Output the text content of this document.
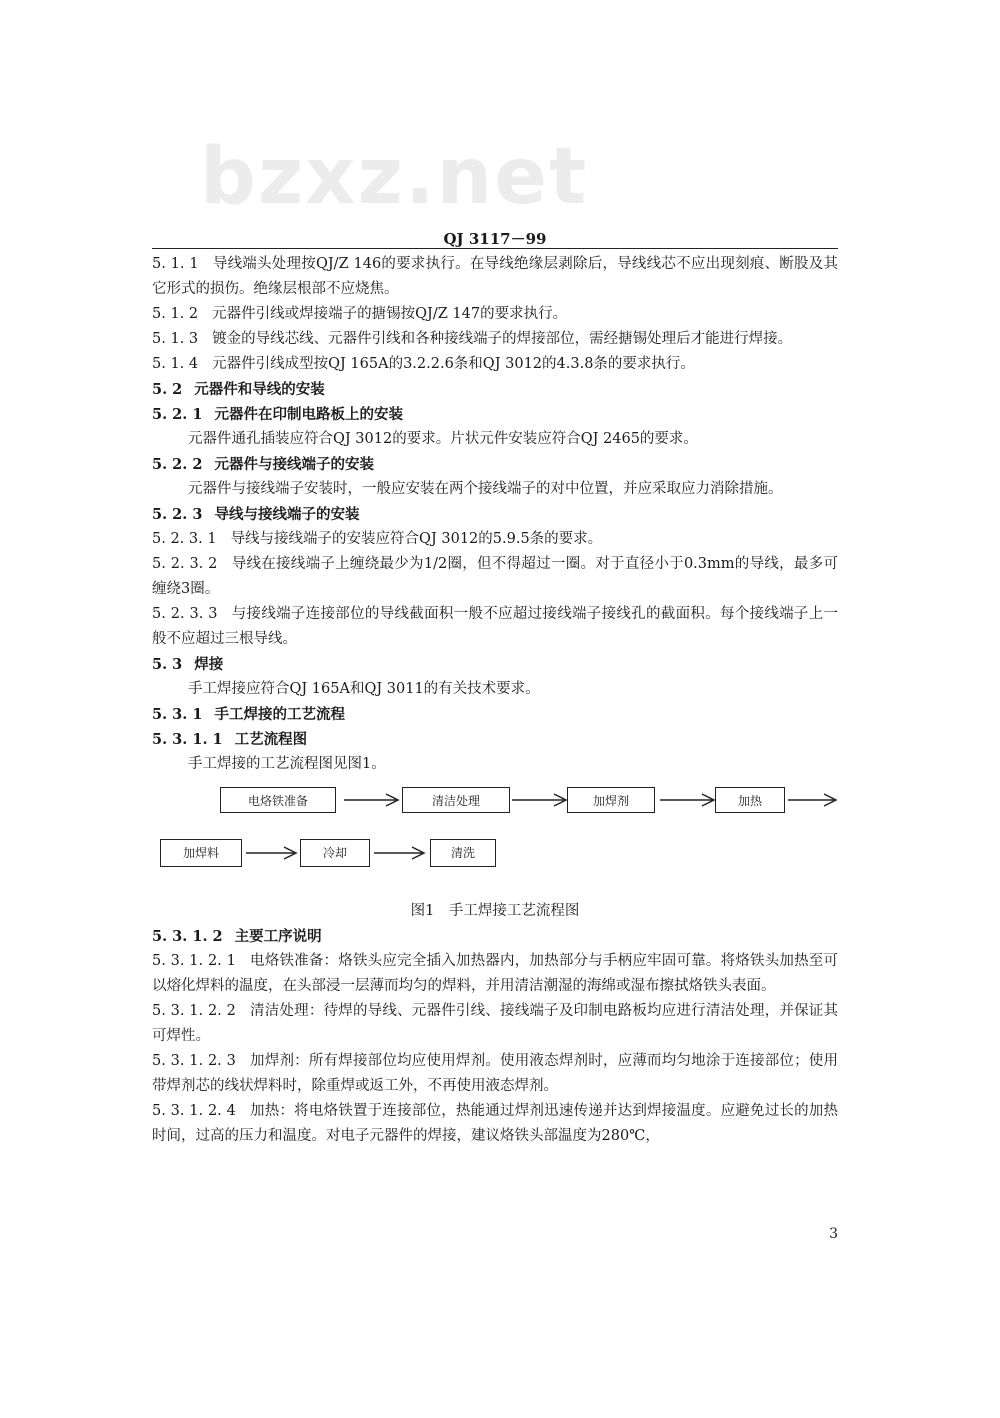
bzxz.net
QJ 3117－99

5. 1. 1 导线端头处理按QJ/Z 146的要求执行。在导线绝缘层剥除后，导线线芯不应出现刻痕、断股及其它形式的损伤。绝缘层根部不应烧焦。

5. 1. 2 元器件引线或焊接端子的搪锡按QJ/Z 147的要求执行。

5. 1. 3 镀金的导线芯线、元器件引线和各种接线端子的焊接部位，需经搪锡处理后才能进行焊接。

5. 1. 4 元器件引线成型按QJ 165A的3.2.2.6条和QJ 3012的4.3.8条的要求执行。

5. 2 元器件和导线的安装

5. 2. 1 元器件在印制电路板上的安装

元器件通孔插装应符合QJ 3012的要求。片状元件安装应符合QJ 2465的要求。

5. 2. 2 元器件与接线端子的安装

元器件与接线端子安装时，一般应安装在两个接线端子的对中位置，并应采取应力消除措施。

5. 2. 3 导线与接线端子的安装

5. 2. 3. 1 导线与接线端子的安装应符合QJ 3012的5.9.5条的要求。

5. 2. 3. 2 导线在接线端子上缠绕最少为1/2圈，但不得超过一圈。对于直径小于0.3mm的导线，最多可缠绕3圈。

5. 2. 3. 3 与接线端子连接部位的导线截面积一般不应超过接线端子接线孔的截面积。每个接线端子上一般不应超过三根导线。

5. 3 焊接

手工焊接应符合QJ 165A和QJ 3011的有关技术要求。

5. 3. 1 手工焊接的工艺流程

5. 3. 1. 1 工艺流程图

手工焊接的工艺流程图见图1。

电烙铁准备	清洁处理	加焊剂	加热
加焊料	冷却	清洗

图1　手工焊接工艺流程图

5. 3. 1. 2 主要工序说明

5. 3. 1. 2. 1 电烙铁准备：烙铁头应完全插入加热器内，加热部分与手柄应牢固可靠。将烙铁头加热至可以熔化焊料的温度，在头部浸一层薄而均匀的焊料，并用清洁潮湿的海绵或湿布擦拭烙铁头表面。

5. 3. 1. 2. 2 清洁处理：待焊的导线、元器件引线、接线端子及印制电路板均应进行清洁处理，并保证其可焊性。

5. 3. 1. 2. 3 加焊剂：所有焊接部位均应使用焊剂。使用液态焊剂时，应薄而均匀地涂于连接部位；使用带焊剂芯的线状焊料时，除重焊或返工外，不再使用液态焊剂。

5. 3. 1. 2. 4 加热：将电烙铁置于连接部位，热能通过焊剂迅速传递并达到焊接温度。应避免过长的加热时间，过高的压力和温度。对电子元器件的焊接，建议烙铁头部温度为280℃，

3
